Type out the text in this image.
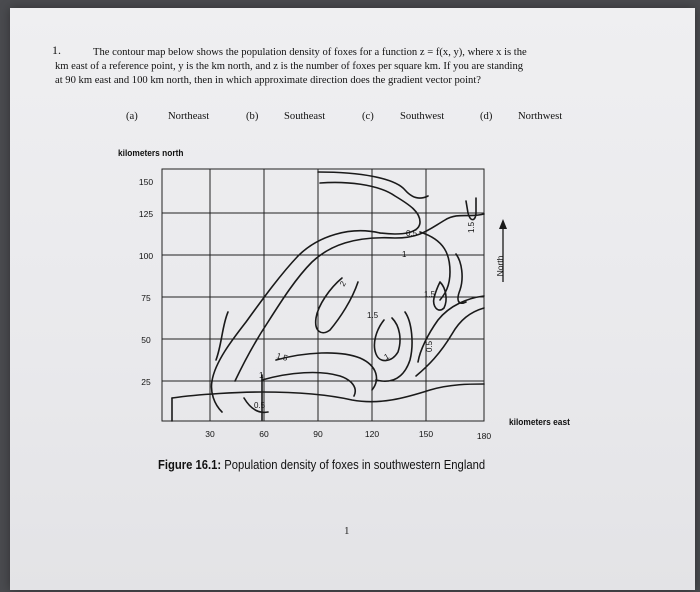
1.	The contour map below shows the population density of foxes for a function z = f(x, y), where x is the
km east of a reference point, y is the km north, and z is the number of foxes per square km. If you are standing
at 90 km east and 100 km north, then in which approximate direction does the gradient vector point?
(a)	Northeast	(b) Southeast	(c) Southwest	(d) Northwest
kilometers north
kilometers east
North
150
125
100
75
50
25
30	60	90	120	150	180
0.5
1
1.5
2
1.5
1.5
0.5
1
1.5
1
0.5
Figure 16.1: Population density of foxes in southwestern England
1
